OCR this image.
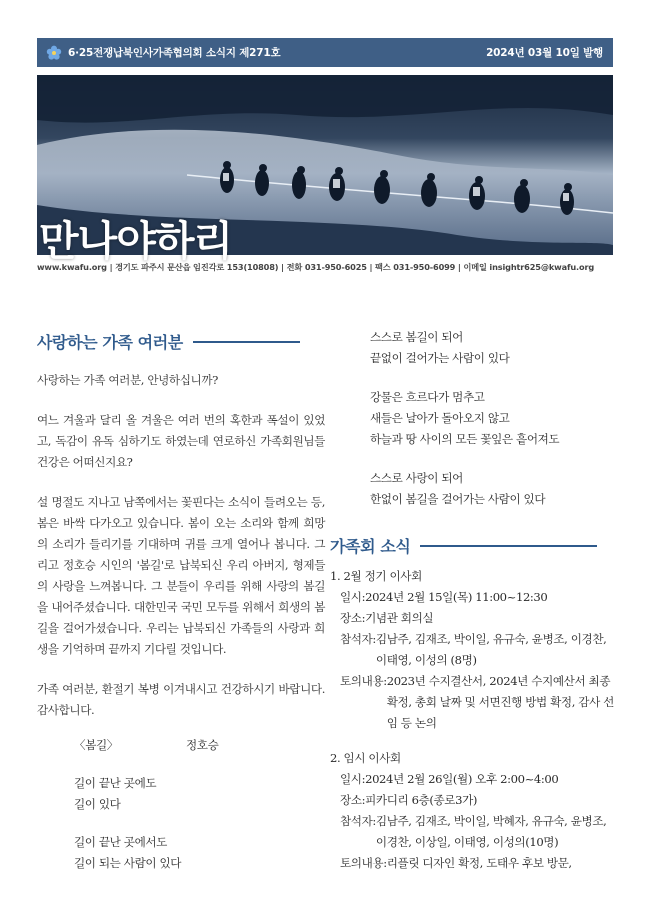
6·25전쟁납북인사가족협의회 소식지 제271호	2024년 03월 10일 발행
만나야하리
www.kwafu.org | 경기도 파주시 문산읍 임진각로 153(10808) | 전화 031-950-6025 | 팩스 031-950-6099 | 이메일 insightr625@kwafu.org
사랑하는 가족 여러분

사랑하는 가족 여러분, 안녕하십니까?

여느 겨울과 달리 올 겨울은 여러 번의 혹한과 폭설이 있었고, 독감이 유독 심하기도 하였는데 연로하신 가족회원님들 건강은 어떠신지요?

설 명절도 지나고 남쪽에서는 꽃핀다는 소식이 들려오는 등, 봄은 바싹 다가오고 있습니다. 봄이 오는 소리와 함께 희망의 소리가 들리기를 기대하며 귀를 크게 열어나 봅니다. 그리고 정호승 시인의 '봄길'로 납북되신 우리 아버지, 형제들의 사랑을 느껴봅니다. 그 분들이 우리를 위해 사랑의 봄길을 내어주셨습니다. 대한민국 국민 모두를 위해서 희생의 봄길을 걸어가셨습니다. 우리는 납북되신 가족들의 사랑과 희생을 기억하며 끝까지 기다릴 것입니다.

가족 여러분, 환절기 복병 이겨내시고 건강하시기 바랍니다. 감사합니다.

〈봄길〉	정호승
길이 끝난 곳에도
길이 있다
길이 끝난 곳에서도
길이 되는 사람이 있다
스스로 봄길이 되어
끝없이 걸어가는 사람이 있다
강물은 흐르다가 멈추고
새들은 날아가 돌아오지 않고
하늘과 땅 사이의 모든 꽃잎은 흩어져도
스스로 사랑이 되어
한없이 봄길을 걸어가는 사람이 있다
가족회 소식
1. 2월 정기 이사회
일시: 2024년 2월 15일(목) 11:00~12:30
장소: 기념관 회의실
참석자: 김남주, 김재조, 박이일, 유규숙, 윤병조, 이경찬, 이태영, 이성의 (8명)
토의내용: 2023년 수지결산서, 2024년 수지예산서 최종 확정, 총회 날짜 및 서면진행 방법 확정, 감사 선임 등 논의
2. 임시 이사회
일시: 2024년 2월 26일(월) 오후 2:00~4:00
장소: 피카디리 6층(종로3가)
참석자: 김남주, 김재조, 박이일, 박혜자, 유규숙, 윤병조, 이경찬, 이상일, 이태영, 이성의(10명)
토의내용: 리플릿 디자인 확정, 도태우 후보 방문,
